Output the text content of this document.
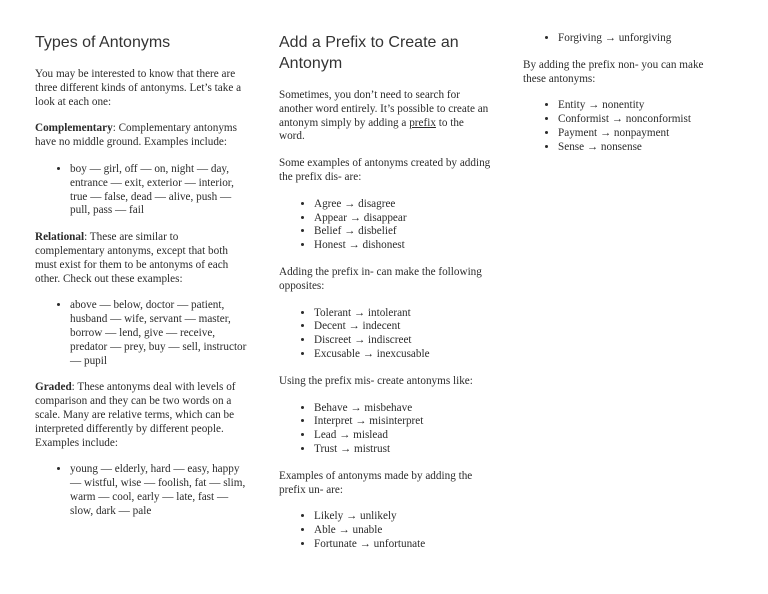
Types of Antonyms

You may be interested to know that there are three different kinds of antonyms. Let’s take a look at each one:

Complementary: Complementary antonyms have no middle ground. Examples include:

• boy — girl, off — on, night — day, entrance — exit, exterior — interior, true — false, dead — alive, push — pull, pass — fail

Relational: These are similar to complementary antonyms, except that both must exist for them to be antonyms of each other. Check out these examples:

• above — below, doctor — patient, husband — wife, servant — master, borrow — lend, give — receive, predator — prey, buy — sell, instructor — pupil

Graded: These antonyms deal with levels of comparison and they can be two words on a scale. Many are relative terms, which can be interpreted differently by different people. Examples include:

• young — elderly, hard — easy, happy — wistful, wise — foolish, fat — slim, warm — cool, early — late, fast — slow, dark — pale
Add a Prefix to Create an Antonym

Sometimes, you don’t need to search for another word entirely. It’s possible to create an antonym simply by adding a prefix to the word.

Some examples of antonyms created by adding the prefix dis- are:

• Agree → disagree
• Appear → disappear
• Belief → disbelief
• Honest → dishonest

Adding the prefix in- can make the following opposites:

• Tolerant → intolerant
• Decent → indecent
• Discreet → indiscreet
• Excusable → inexcusable

Using the prefix mis- create antonyms like:

• Behave → misbehave
• Interpret → misinterpret
• Lead → mislead
• Trust → mistrust

Examples of antonyms made by adding the prefix un- are:

• Likely → unlikely
• Able → unable
• Fortunate → unfortunate
• Forgiving → unforgiving

By adding the prefix non- you can make these antonyms:

• Entity → nonentity
• Conformist → nonconformist
• Payment → nonpayment
• Sense → nonsense
